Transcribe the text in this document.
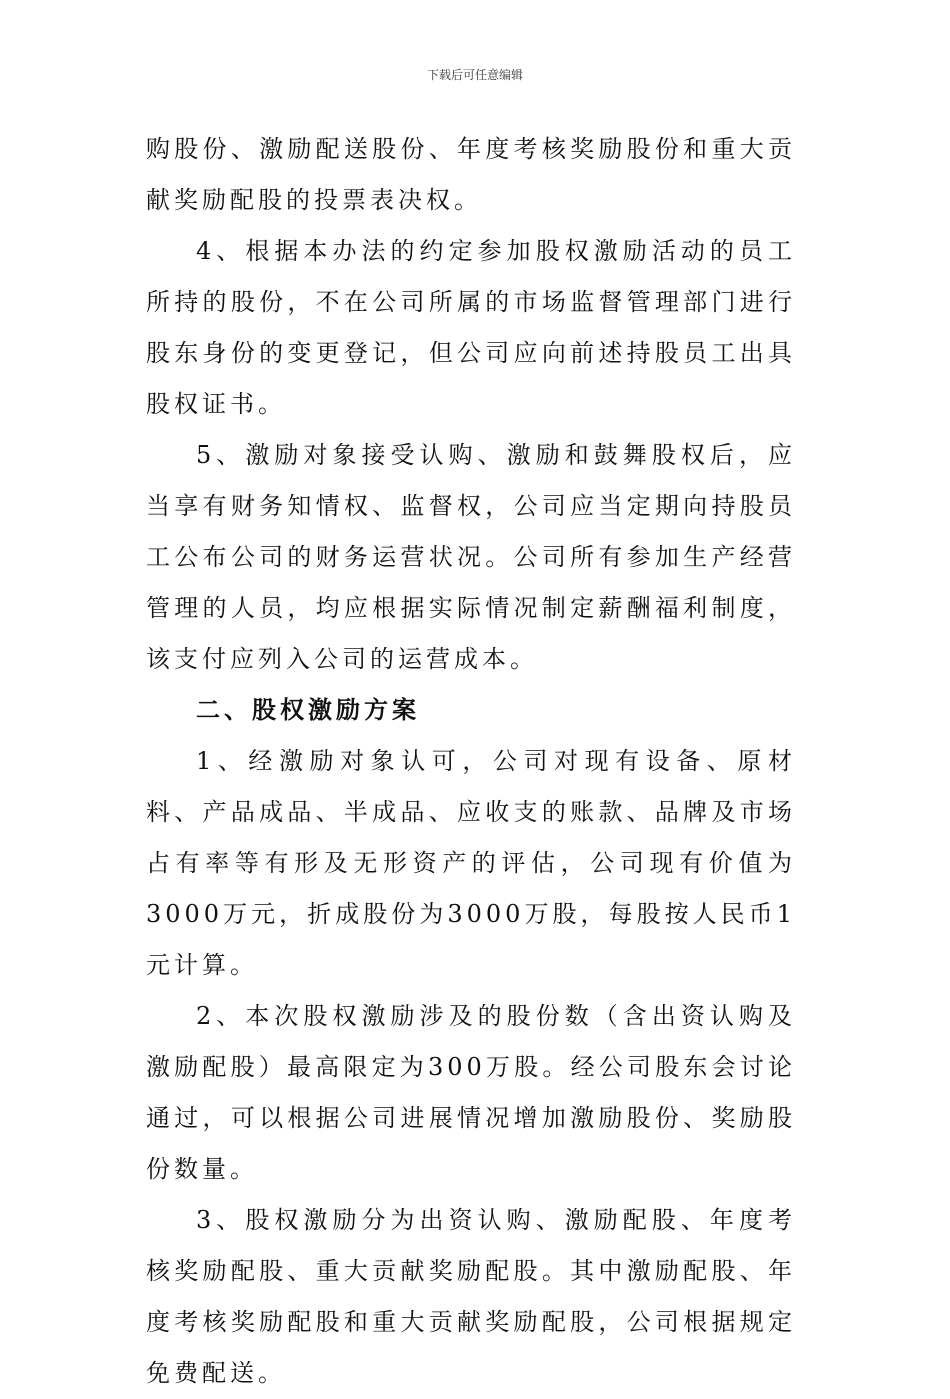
下载后可任意编辑

购股份、激励配送股份、年度考核奖励股份和重大贡献奖励配股的投票表决权。

4、根据本办法的约定参加股权激励活动的员工所持的股份，不在公司所属的市场监督管理部门进行股东身份的变更登记，但公司应向前述持股员工出具股权证书。

5、激励对象接受认购、激励和鼓舞股权后，应当享有财务知情权、监督权，公司应当定期向持股员工公布公司的财务运营状况。公司所有参加生产经营管理的人员，均应根据实际情况制定薪酬福利制度，该支付应列入公司的运营成本。

二、股权激励方案

1、经激励对象认可，公司对现有设备、原材料、产品成品、半成品、应收支的账款、品牌及市场占有率等有形及无形资产的评估，公司现有价值为3000万元，折成股份为3000万股，每股按人民币1元计算。

2、本次股权激励涉及的股份数（含出资认购及激励配股）最高限定为300万股。经公司股东会讨论通过，可以根据公司进展情况增加激励股份、奖励股份数量。

3、股权激励分为出资认购、激励配股、年度考核奖励配股、重大贡献奖励配股。其中激励配股、年度考核奖励配股和重大贡献奖励配股，公司根据规定免费配送。
